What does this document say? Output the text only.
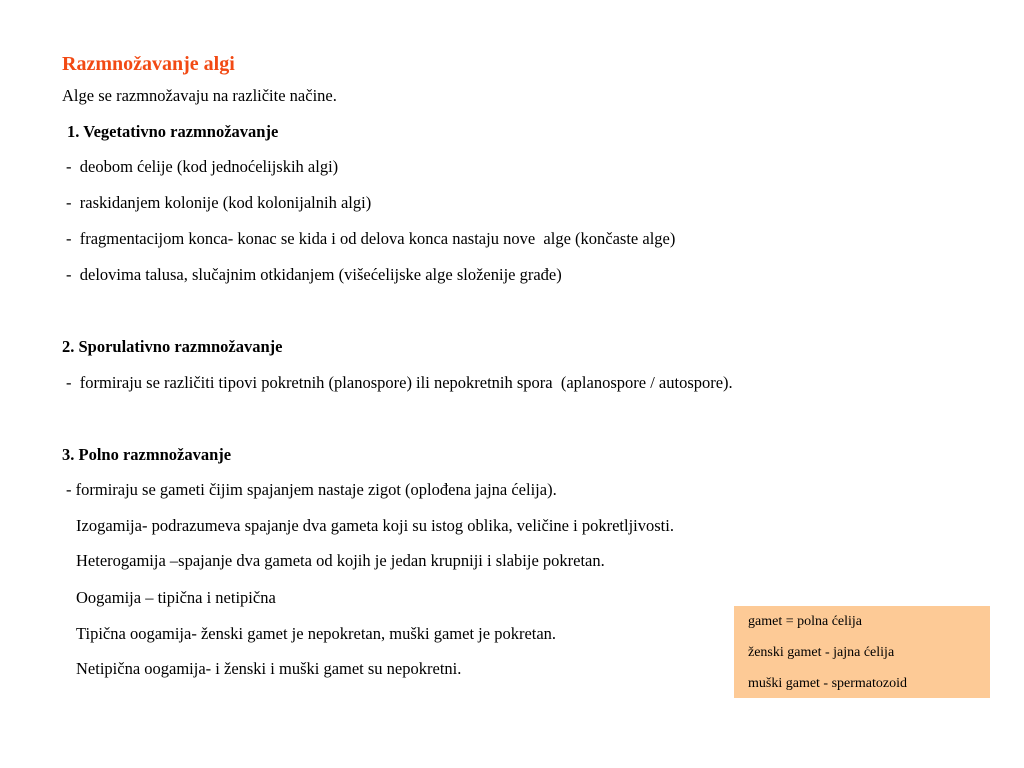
Razmnožavanje algi
Alge se razmnožavaju na različite načine.
1. Vegetativno razmnožavanje
-  deobom ćelije (kod jednoćelijskih algi)
-  raskidanjem kolonije (kod kolonijalnih algi)
-  fragmentacijom konca- konac se kida i od delova konca nastaju nove  alge (končaste alge)
-  delovima talusa, slučajnim otkidanjem (višećelijske alge složenije građe)
2. Sporulativno razmnožavanje
-  formiraju se različiti tipovi pokretnih (planospore) ili nepokretnih spora  (aplanospore / autospore).
3. Polno razmnožavanje
- formiraju se gameti čijim spajanjem nastaje zigot (oplođena jajna ćelija).
Izogamija- podrazumeva spajanje dva gameta koji su istog oblika, veličine i pokretljivosti.
Heterogamija –spajanje dva gameta od kojih je jedan krupniji i slabije pokretan.
Oogamija – tipična i netipična
Tipična oogamija- ženski gamet je nepokretan, muški gamet je pokretan.
Netipična oogamija- i ženski i muški gamet su nepokretni.
gamet = polna ćelija
ženski gamet - jajna ćelija
muški gamet - spermatozoid
